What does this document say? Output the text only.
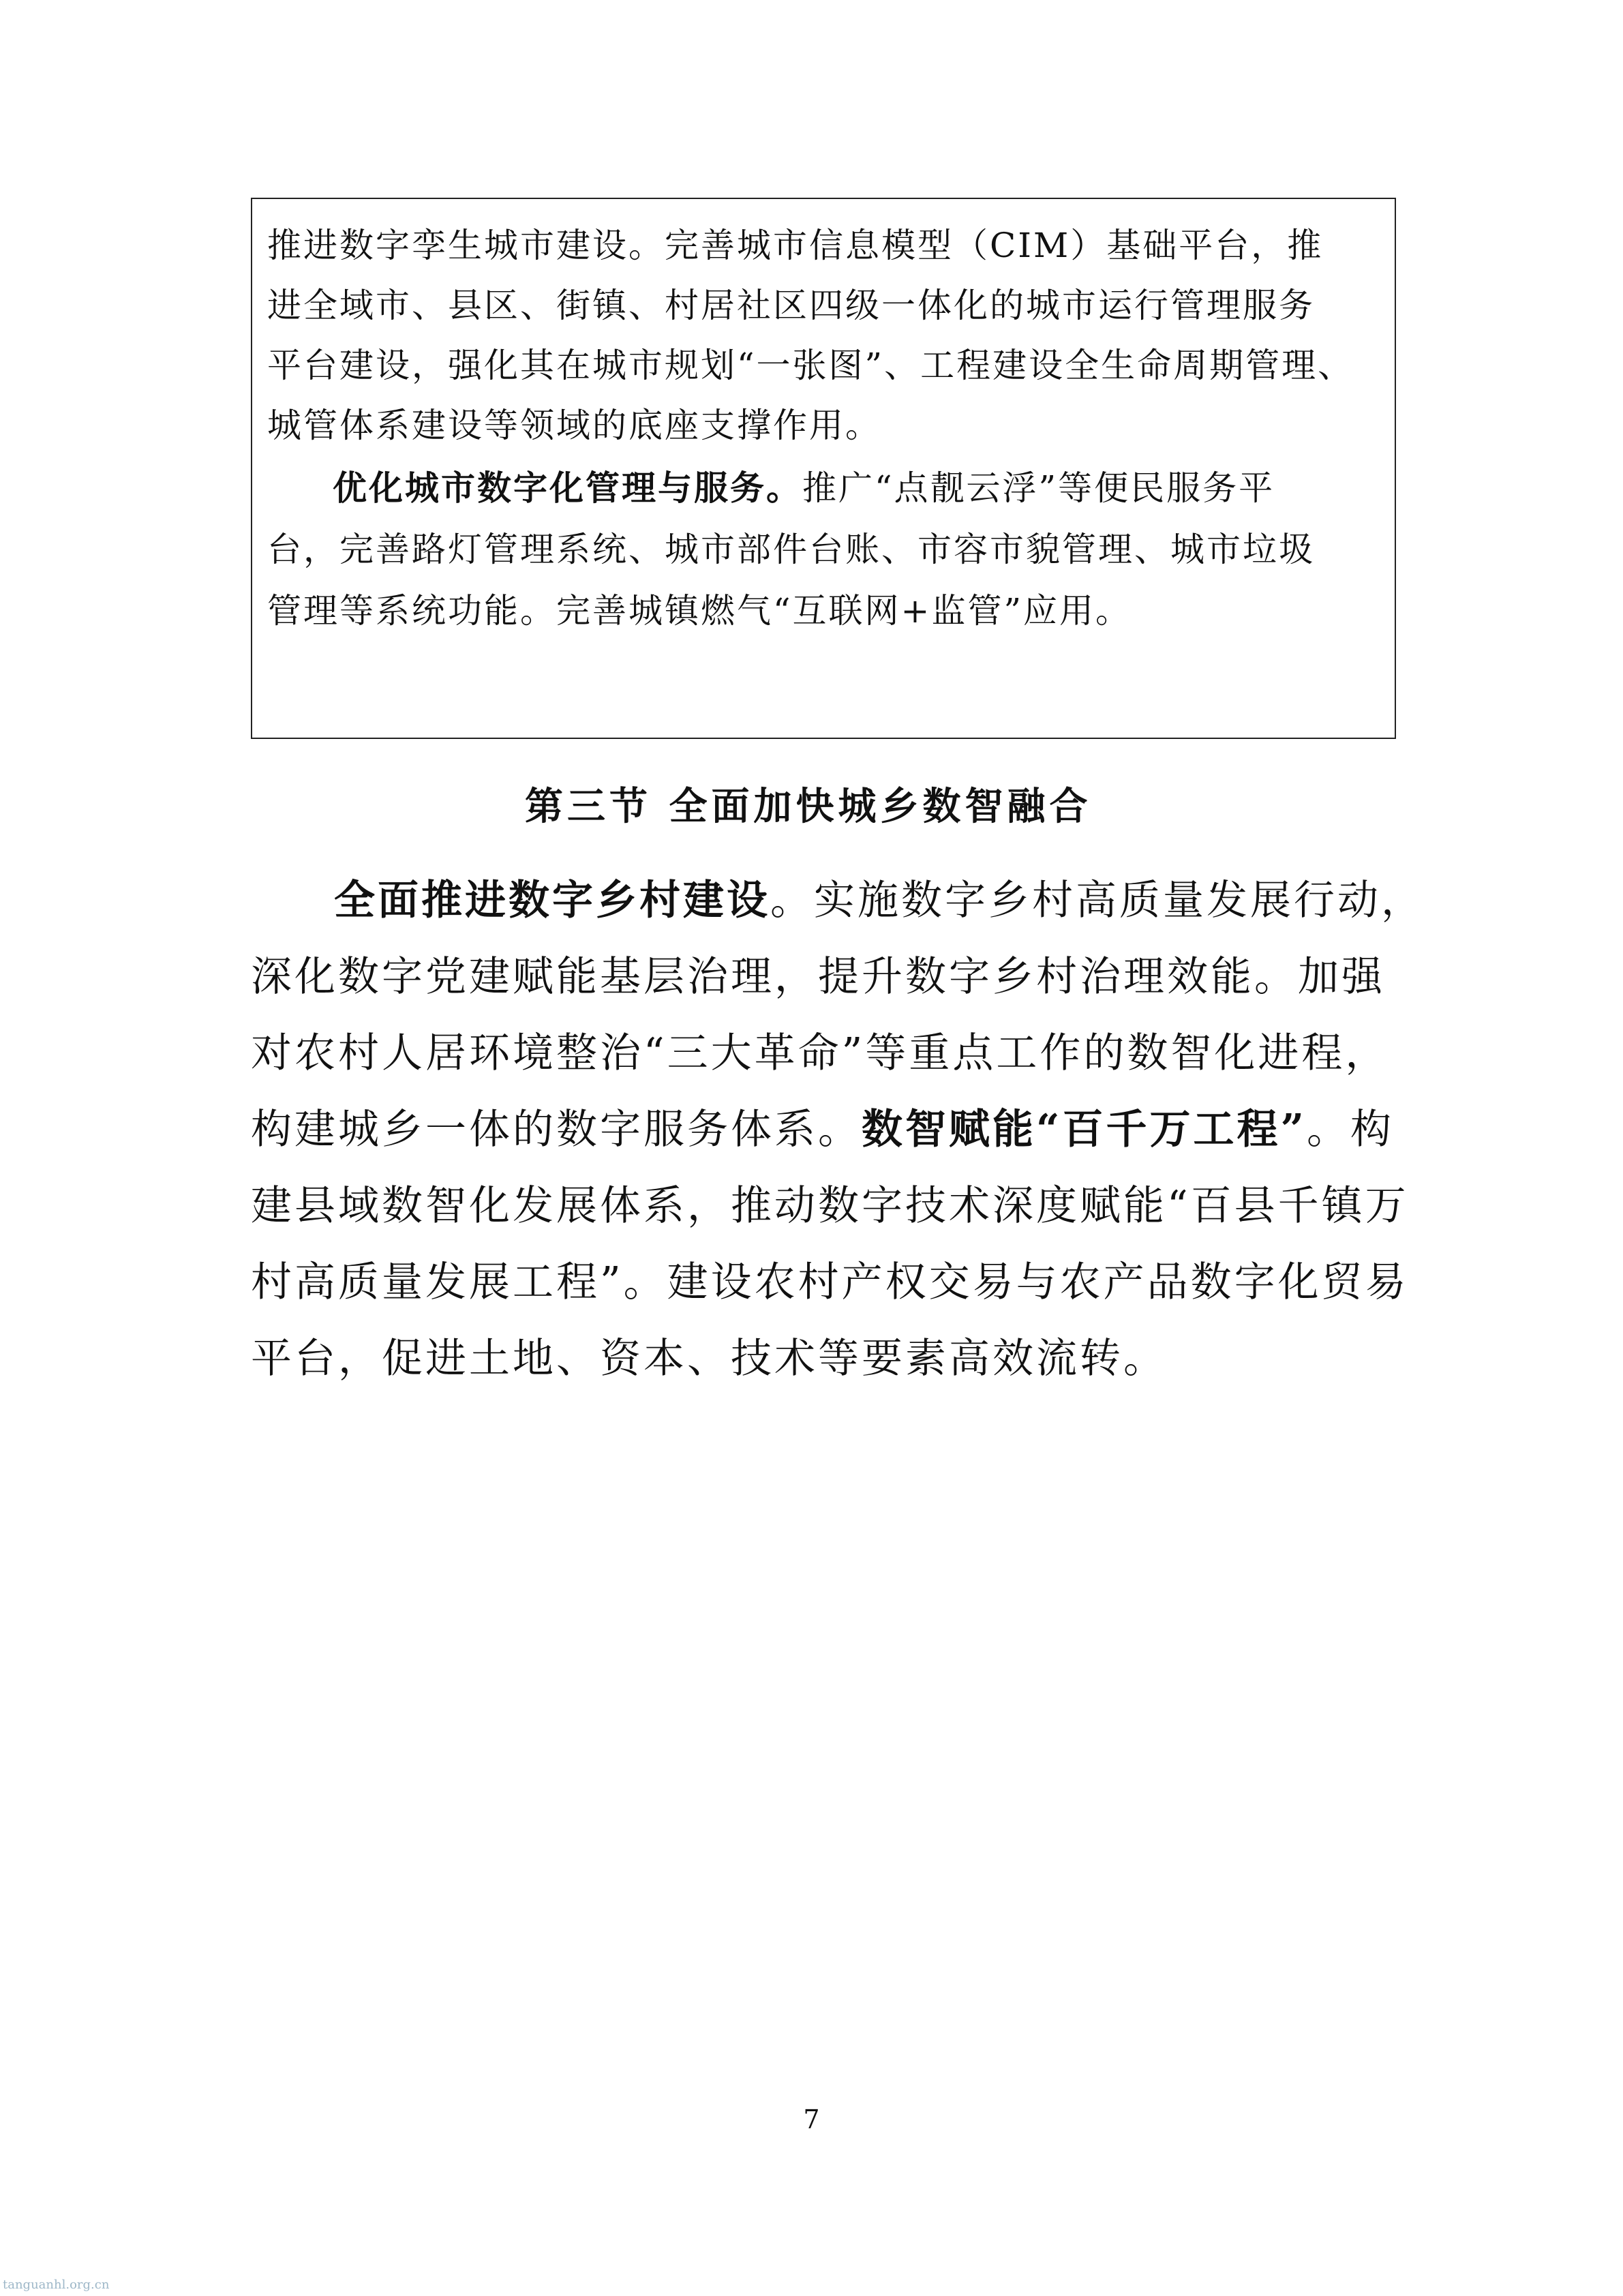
推进数字孪生城市建设。完善城市信息模型（CIM）基础平台，推
进全域市、县区、街镇、村居社区四级一体化的城市运行管理服务
平台建设，强化其在城市规划“一张图”、工程建设全生命周期管理、
城管体系建设等领域的底座支撑作用。
优化城市数字化管理与服务。推广“点靓云浮”等便民服务平
台，完善路灯管理系统、城市部件台账、市容市貌管理、城市垃圾
管理等系统功能。完善城镇燃气“互联网+监管”应用。
第三节 全面加快城乡数智融合
全面推进数字乡村建设。实施数字乡村高质量发展行动，
深化数字党建赋能基层治理，提升数字乡村治理效能。加强
对农村人居环境整治“三大革命”等重点工作的数智化进程，
构建城乡一体的数字服务体系。数智赋能“百千万工程”。构
建县域数智化发展体系，推动数字技术深度赋能“百县千镇万
村高质量发展工程”。建设农村产权交易与农产品数字化贸易
平台，促进土地、资本、技术等要素高效流转。
7
tanguanhl.org.cn
